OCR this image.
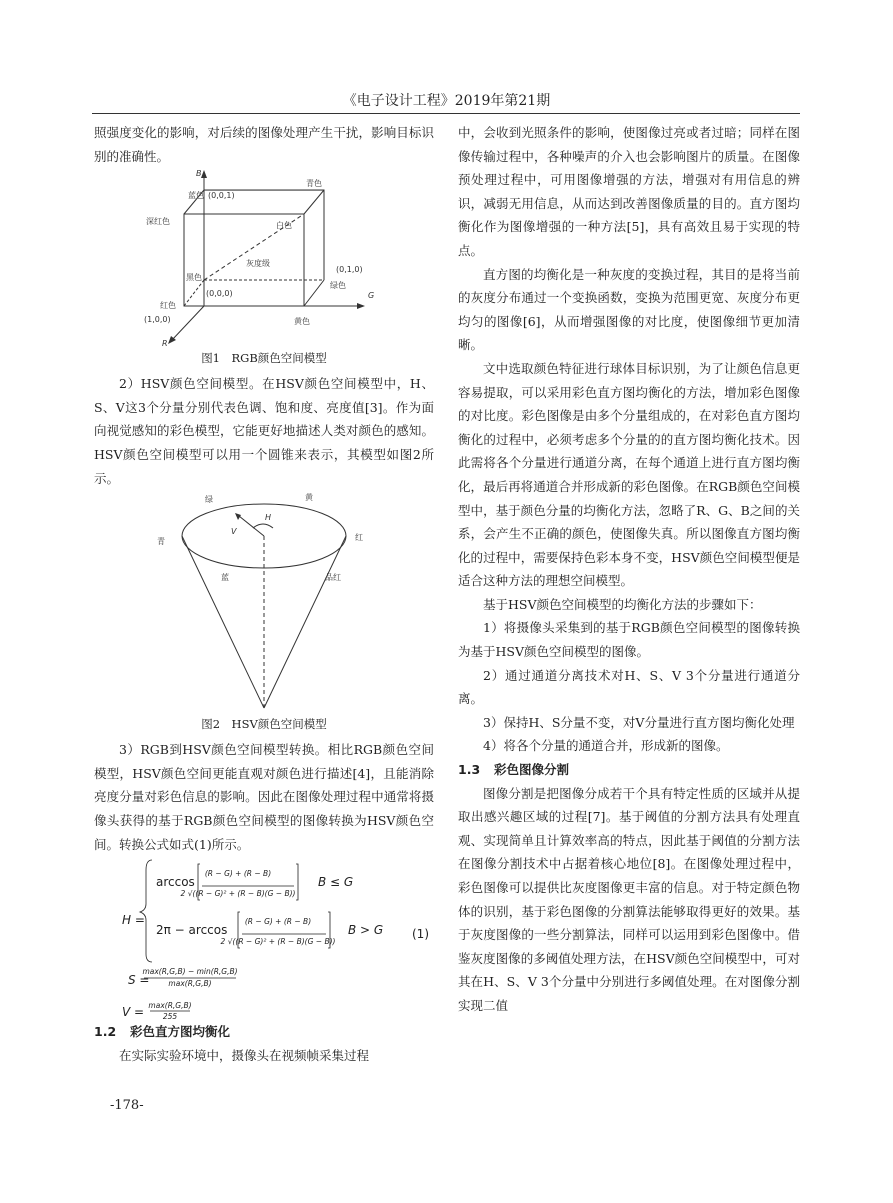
《电子设计工程》2019年第21期

照强度变化的影响，对后续的图像处理产生干扰，影响目标识别的准确性。

B
G
R
蓝色 (0,0,1)
青色
深红色	白色
灰度级
黑色
(0,0,0)
(0,1,0)
绿色
红色
(1,0,0)	黄色
图1　RGB颜色空间模型

2）HSV颜色空间模型。在HSV颜色空间模型中，H、S、V这3个分量分别代表色调、饱和度、亮度值[3]。作为面向视觉感知的彩色模型，它能更好地描述人类对颜色的感知。HSV颜色空间模型可以用一个圆锥来表示，其模型如图2所示。

绿	黄
青	红
蓝	品红
H
V
图2　HSV颜色空间模型

3）RGB到HSV颜色空间模型转换。相比RGB颜色空间模型，HSV颜色空间更能直观对颜色进行描述[4]，且能消除亮度分量对彩色信息的影响。因此在图像处理过程中通常将摄像头获得的基于RGB颜色空间模型的图像转换为HSV颜色空间。转换公式如式(1)所示。

H =
arccos
2π − arccos
B ≤ G
B > G (1)
(R − G) + (R − B)
2 √((R − G)² + (R − B)(G − B))
(R − G) + (R − B)
2 √((R − G)² + (R − B)(G − B))
max(R,G,B) − min(R,G,B)
max(R,G,B)
max(R,G,B)
255
S =
V =
1.2 彩色直方图均衡化

在实际实验环境中，摄像头在视频帧采集过程

中，会收到光照条件的影响，使图像过亮或者过暗；同样在图像传输过程中，各种噪声的介入也会影响图片的质量。在图像预处理过程中，可用图像增强的方法，增强对有用信息的辨识，减弱无用信息，从而达到改善图像质量的目的。直方图均衡化作为图像增强的一种方法[5]，具有高效且易于实现的特点。

直方图的均衡化是一种灰度的变换过程，其目的是将当前的灰度分布通过一个变换函数，变换为范围更宽、灰度分布更均匀的图像[6]，从而增强图像的对比度，使图像细节更加清晰。

文中选取颜色特征进行球体目标识别，为了让颜色信息更容易提取，可以采用彩色直方图均衡化的方法，增加彩色图像的对比度。彩色图像是由多个分量组成的，在对彩色直方图均衡化的过程中，必须考虑多个分量的的直方图均衡化技术。因此需将各个分量进行通道分离，在每个通道上进行直方图均衡化，最后再将通道合并形成新的彩色图像。在RGB颜色空间模型中，基于颜色分量的均衡化方法，忽略了R、G、B之间的关系，会产生不正确的颜色，使图像失真。所以图像直方图均衡化的过程中，需要保持色彩本身不变，HSV颜色空间模型便是适合这种方法的理想空间模型。

基于HSV颜色空间模型的均衡化方法的步骤如下：

1）将摄像头采集到的基于RGB颜色空间模型的图像转换为基于HSV颜色空间模型的图像。

2）通过通道分离技术对H、S、V 3个分量进行通道分离。

3）保持H、S分量不变，对V分量进行直方图均衡化处理

4）将各个分量的通道合并，形成新的图像。

1.3 彩色图像分割

图像分割是把图像分成若干个具有特定性质的区域并从提取出感兴趣区域的过程[7]。基于阈值的分割方法具有处理直观、实现简单且计算效率高的特点，因此基于阈值的分割方法在图像分割技术中占据着核心地位[8]。在图像处理过程中，彩色图像可以提供比灰度图像更丰富的信息。对于特定颜色物体的识别，基于彩色图像的分割算法能够取得更好的效果。基于灰度图像的一些分割算法，同样可以运用到彩色图像中。借鉴灰度图像的多阈值处理方法，在HSV颜色空间模型中，可对其在H、S、V 3个分量中分别进行多阈值处理。在对图像分割实现二值

-178-
